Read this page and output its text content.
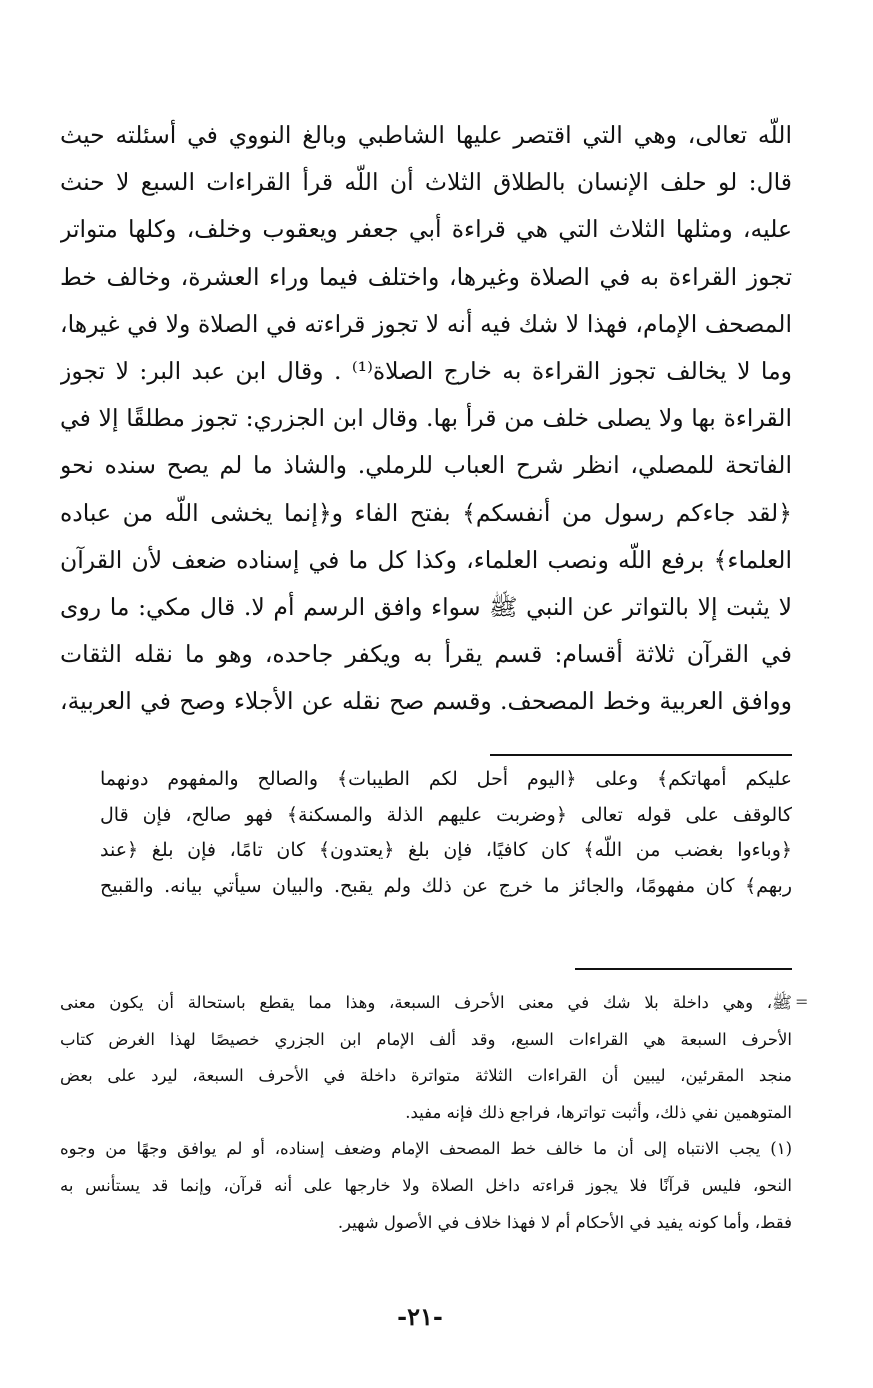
اللّه تعالى، وهي التي اقتصر عليها الشاطبي وبالغ النووي في أسئلته حيث

قال: لو حلف الإنسان بالطلاق الثلاث أن اللّه قرأ القراءات السبع لا حنث

عليه، ومثلها الثلاث التي هي قراءة أبي جعفر ويعقوب وخلف، وكلها متواتر

تجوز القراءة به في الصلاة وغيرها، واختلف فيما وراء العشرة، وخالف خط

المصحف الإمام، فهذا لا شك فيه أنه لا تجوز قراءته في الصلاة ولا في غيرها،

وما لا يخالف تجوز القراءة به خارج الصلاة⁽¹⁾ . وقال ابن عبد البر: لا تجوز

القراءة بها ولا يصلى خلف من قرأ بها. وقال ابن الجزري: تجوز مطلقًا إلا في

الفاتحة للمصلي، انظر شرح العباب للرملي. والشاذ ما لم يصح سنده نحو

﴿لقد جاءكم رسول من أنفسكم﴾ بفتح الفاء و﴿إنما يخشى اللّه من عباده

العلماء﴾ برفع اللّه ونصب العلماء، وكذا كل ما في إسناده ضعف لأن القرآن

لا يثبت إلا بالتواتر عن النبي ﷺ سواء وافق الرسم أم لا. قال مكي: ما روى

في القرآن ثلاثة أقسام: قسم يقرأ به ويكفر جاحده، وهو ما نقله الثقات

ووافق العربية وخط المصحف. وقسم صح نقله عن الأجلاء وصح في العربية،

عليكم أمهاتكم﴾ وعلى ﴿اليوم أحل لكم الطيبات﴾ والصالح والمفهوم دونهما

كالوقف على قوله تعالى ﴿وضربت عليهم الذلة والمسكنة﴾ فهو صالح، فإن قال

﴿وباءوا بغضب من اللّه﴾ كان كافيًا، فإن بلغ ﴿يعتدون﴾ كان تامًا، فإن بلغ ﴿عند

ربهم﴾ كان مفهومًا، والجائز ما خرج عن ذلك ولم يقبح. والبيان سيأتي بيانه. والقبيح

=

ﷺ، وهي داخلة بلا شك في معنى الأحرف السبعة، وهذا مما يقطع باستحالة أن يكون معنى

الأحرف السبعة هي القراءات السبع، وقد ألف الإمام ابن الجزري خصيصًا لهذا الغرض كتاب

منجد المقرئين، ليبين أن القراءات الثلاثة متواترة داخلة في الأحرف السبعة، ليرد على بعض

المتوهمين نفي ذلك، وأثبت تواترها، فراجع ذلك فإنه مفيد.

(١) يجب الانتباه إلى أن ما خالف خط المصحف الإمام وضعف إسناده، أو لم يوافق وجهًا من وجوه

النحو، فليس قرآنًا فلا يجوز قراءته داخل الصلاة ولا خارجها على أنه قرآن، وإنما قد يستأنس به

فقط، وأما كونه يفيد في الأحكام أم لا فهذا خلاف في الأصول شهير.

-٢١-
